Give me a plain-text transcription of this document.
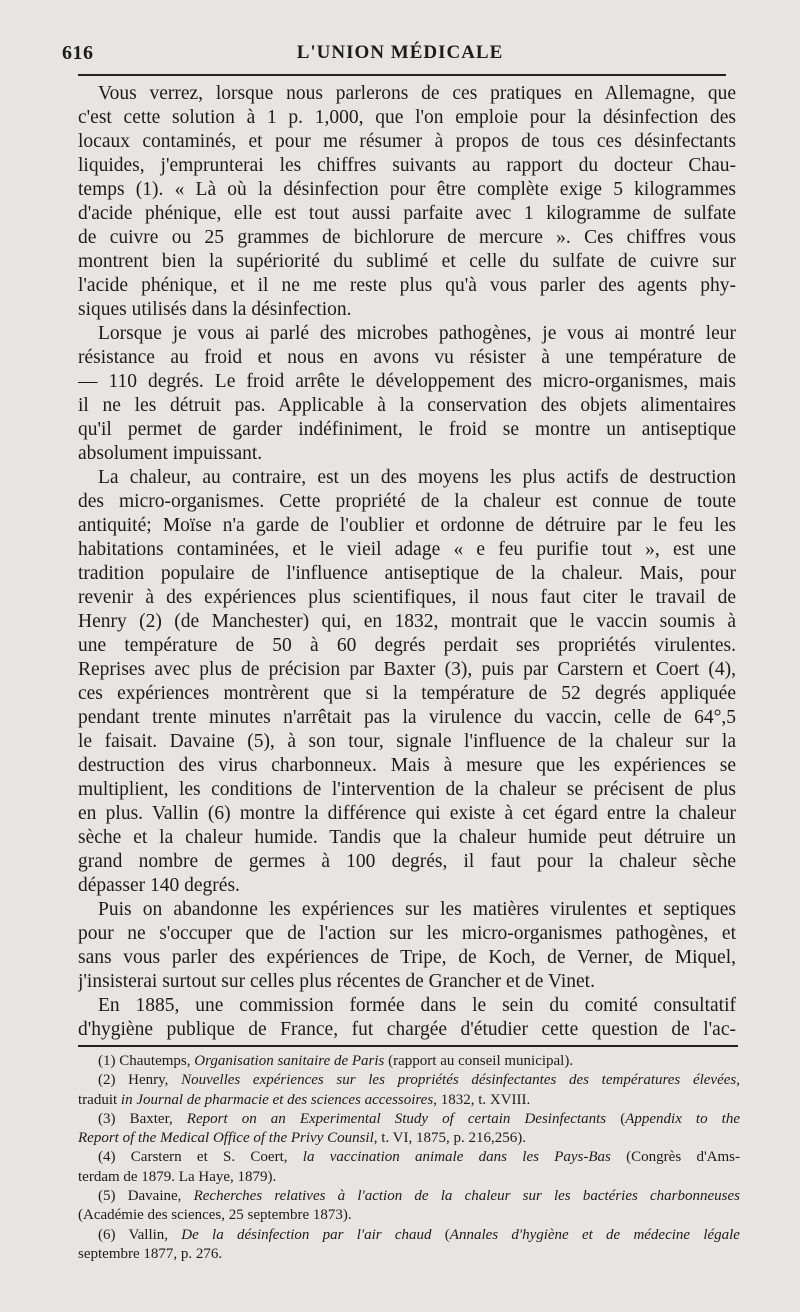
616	L'UNION MÉDICALE
Vous verrez, lorsque nous parlerons de ces pratiques en Allemagne, que
c'est cette solution à 1 p. 1,000, que l'on emploie pour la désinfection des
locaux contaminés, et pour me résumer à propos de tous ces désinfectants
liquides, j'emprunterai les chiffres suivants au rapport du docteur Chau-
temps (1). « Là où la désinfection pour être complète exige 5 kilogrammes
d'acide phénique, elle est tout aussi parfaite avec 1 kilogramme de sulfate
de cuivre ou 25 grammes de bichlorure de mercure ». Ces chiffres vous
montrent bien la supériorité du sublimé et celle du sulfate de cuivre sur
l'acide phénique, et il ne me reste plus qu'à vous parler des agents phy-
siques utilisés dans la désinfection.
Lorsque je vous ai parlé des microbes pathogènes, je vous ai montré leur
résistance au froid et nous en avons vu résister à une température de
— 110 degrés. Le froid arrête le développement des micro-organismes, mais
il ne les détruit pas. Applicable à la conservation des objets alimentaires
qu'il permet de garder indéfiniment, le froid se montre un antiseptique
absolument impuissant.
La chaleur, au contraire, est un des moyens les plus actifs de destruction
des micro-organismes. Cette propriété de la chaleur est connue de toute
antiquité; Moïse n'a garde de l'oublier et ordonne de détruire par le feu les
habitations contaminées, et le vieil adage « e feu purifie tout », est une
tradition populaire de l'influence antiseptique de la chaleur. Mais, pour
revenir à des expériences plus scientifiques, il nous faut citer le travail de
Henry (2) (de Manchester) qui, en 1832, montrait que le vaccin soumis à
une température de 50 à 60 degrés perdait ses propriétés virulentes.
Reprises avec plus de précision par Baxter (3), puis par Carstern et Coert (4),
ces expériences montrèrent que si la température de 52 degrés appliquée
pendant trente minutes n'arrêtait pas la virulence du vaccin, celle de 64°,5
le faisait. Davaine (5), à son tour, signale l'influence de la chaleur sur la
destruction des virus charbonneux. Mais à mesure que les expériences se
multiplient, les conditions de l'intervention de la chaleur se précisent de plus
en plus. Vallin (6) montre la différence qui existe à cet égard entre la chaleur
sèche et la chaleur humide. Tandis que la chaleur humide peut détruire un
grand nombre de germes à 100 degrés, il faut pour la chaleur sèche
dépasser 140 degrés.
Puis on abandonne les expériences sur les matières virulentes et septiques
pour ne s'occuper que de l'action sur les micro-organismes pathogènes, et
sans vous parler des expériences de Tripe, de Koch, de Verner, de Miquel,
j'insisterai surtout sur celles plus récentes de Grancher et de Vinet.
En 1885, une commission formée dans le sein du comité consultatif
d'hygiène publique de France, fut chargée d'étudier cette question de l'ac-
(1) Chautemps, Organisation sanitaire de Paris (rapport au conseil municipal).
(2) Henry, Nouvelles expériences sur les propriétés désinfectantes des températures élevées,
traduit in Journal de pharmacie et des sciences accessoires, 1832, t. XVIII.
(3) Baxter, Report on an Experimental Study of certain Desinfectants (Appendix to the
Report of the Medical Office of the Privy Counsil, t. VI, 1875, p. 216,256).
(4) Carstern et S. Coert, la vaccination animale dans les Pays-Bas (Congrès d'Ams-
terdam de 1879. La Haye, 1879).
(5) Davaine, Recherches relatives à l'action de la chaleur sur les bactéries charbonneuses
(Académie des sciences, 25 septembre 1873).
(6) Vallin, De la désinfection par l'air chaud (Annales d'hygiène et de médecine légale
septembre 1877, p. 276.
